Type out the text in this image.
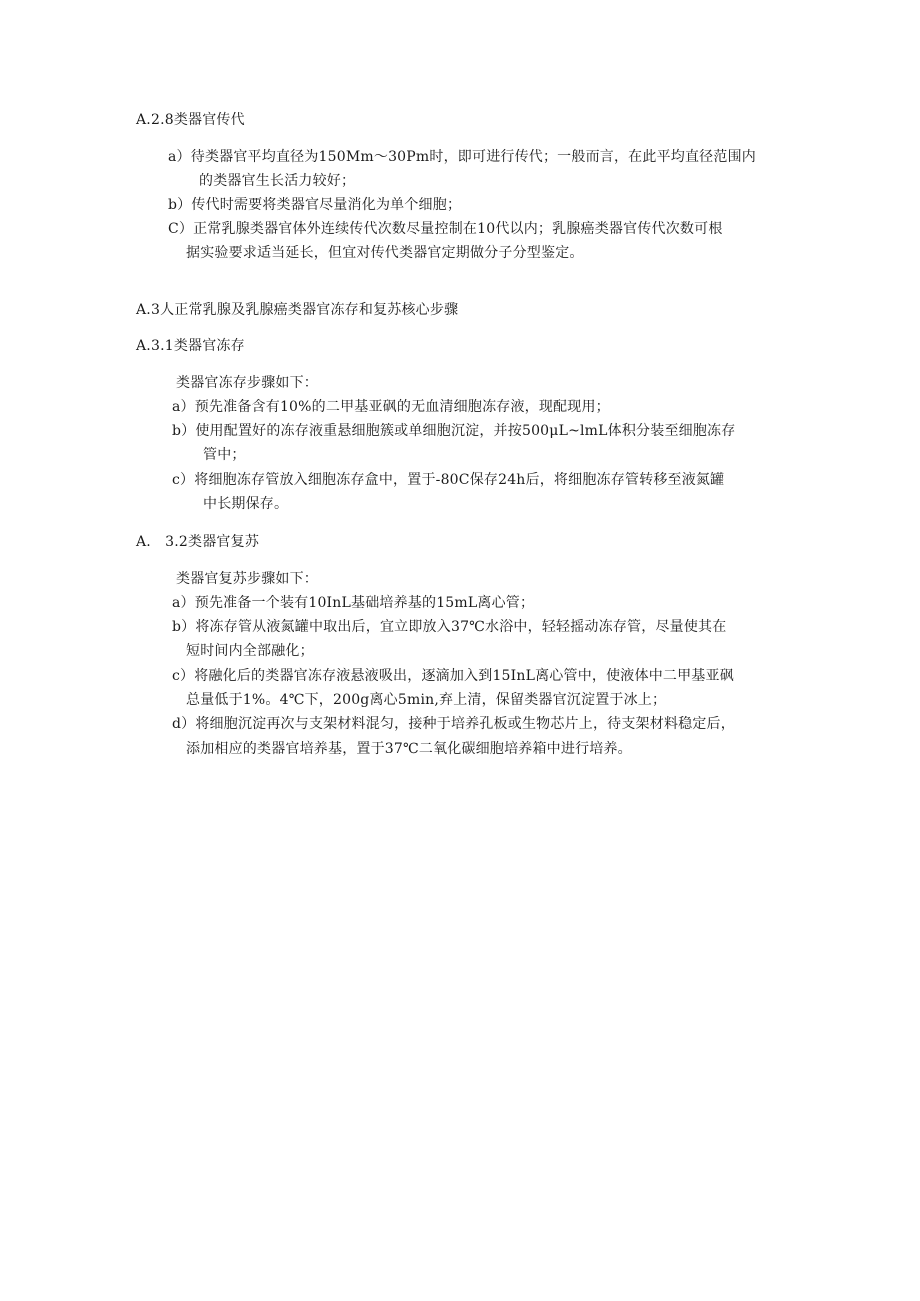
A.2.8类器官传代
a）待类器官平均直径为150Mm～30Pm时，即可进行传代；一般而言，在此平均直径范围内
的类器官生长活力较好；
b）传代时需要将类器官尽量消化为单个细胞；
C）正常乳腺类器官体外连续传代次数尽量控制在10代以内；乳腺癌类器官传代次数可根
据实验要求适当延长，但宜对传代类器官定期做分子分型鉴定。
A.3人正常乳腺及乳腺癌类器官冻存和复苏核心步骤
A.3.1类器官冻存
类器官冻存步骤如下：
a）预先准备含有10%的二甲基亚砜的无血清细胞冻存液，现配现用；
b）使用配置好的冻存液重悬细胞簇或单细胞沉淀，并按500μL~lmL体积分装至细胞冻存
管中；
c）将细胞冻存管放入细胞冻存盒中，置于-80C保存24h后，将细胞冻存管转移至液氮罐
中长期保存。
A.　3.2类器官复苏
类器官复苏步骤如下：
a）预先准备一个装有10InL基础培养基的15mL离心管；
b）将冻存管从液氮罐中取出后，宜立即放入37℃水浴中，轻轻摇动冻存管，尽量使其在
短时间内全部融化；
c）将融化后的类器官冻存液悬液吸出，逐滴加入到15InL离心管中，使液体中二甲基亚砜
总量低于1%。4℃下，200g离心5min,弃上清，保留类器官沉淀置于冰上；
d）将细胞沉淀再次与支架材料混匀，接种于培养孔板或生物芯片上，待支架材料稳定后，
添加相应的类器官培养基，置于37℃二氧化碳细胞培养箱中进行培养。
